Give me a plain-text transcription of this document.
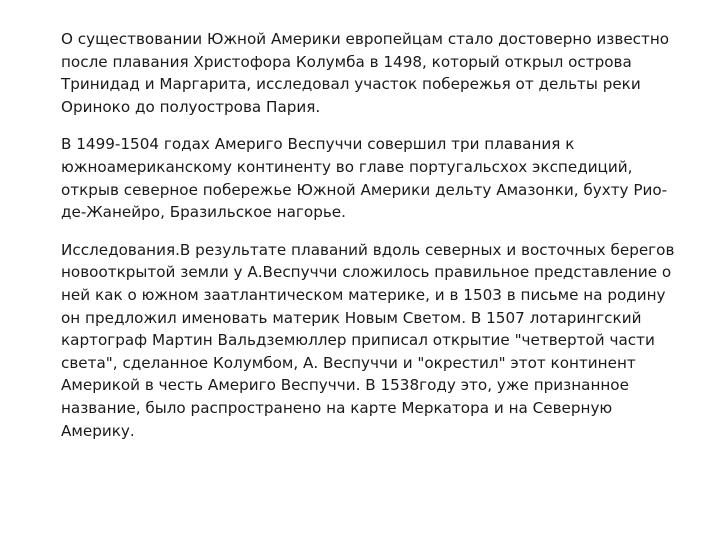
О существовании Южной Америки европейцам стало достоверно известно
после плавания Христофора Колумба в 1498, который открыл острова
Тринидад и Маргарита, исследовал участок побережья от дельты реки
Ориноко до полуострова Пария.

В 1499-1504 годах Америго Веспуччи совершил три плавания к
южноамериканскому континенту во главе португальсхох экспедиций,
открыв северное побережье Южной Америки дельту Амазонки, бухту Рио-
де-Жанейро, Бразильское нагорье.

Исследования.В результате плаваний вдоль северных и восточных берегов
новооткрытой земли у А.Веспуччи сложилось правильное представление о
ней как о южном заатлантическом материке, и в 1503 в письме на родину
он предложил именовать материк Новым Светом. В 1507 лотарингский
картограф Мартин Вальдземюллер приписал открытие "четвертой части
света", сделанное Колумбом, А. Веспуччи и "окрестил" этот континент
Америкой в честь Америго Веспуччи. В 1538году это, уже признанное
название, было распространено на карте Меркатора и на Северную
Америку.
